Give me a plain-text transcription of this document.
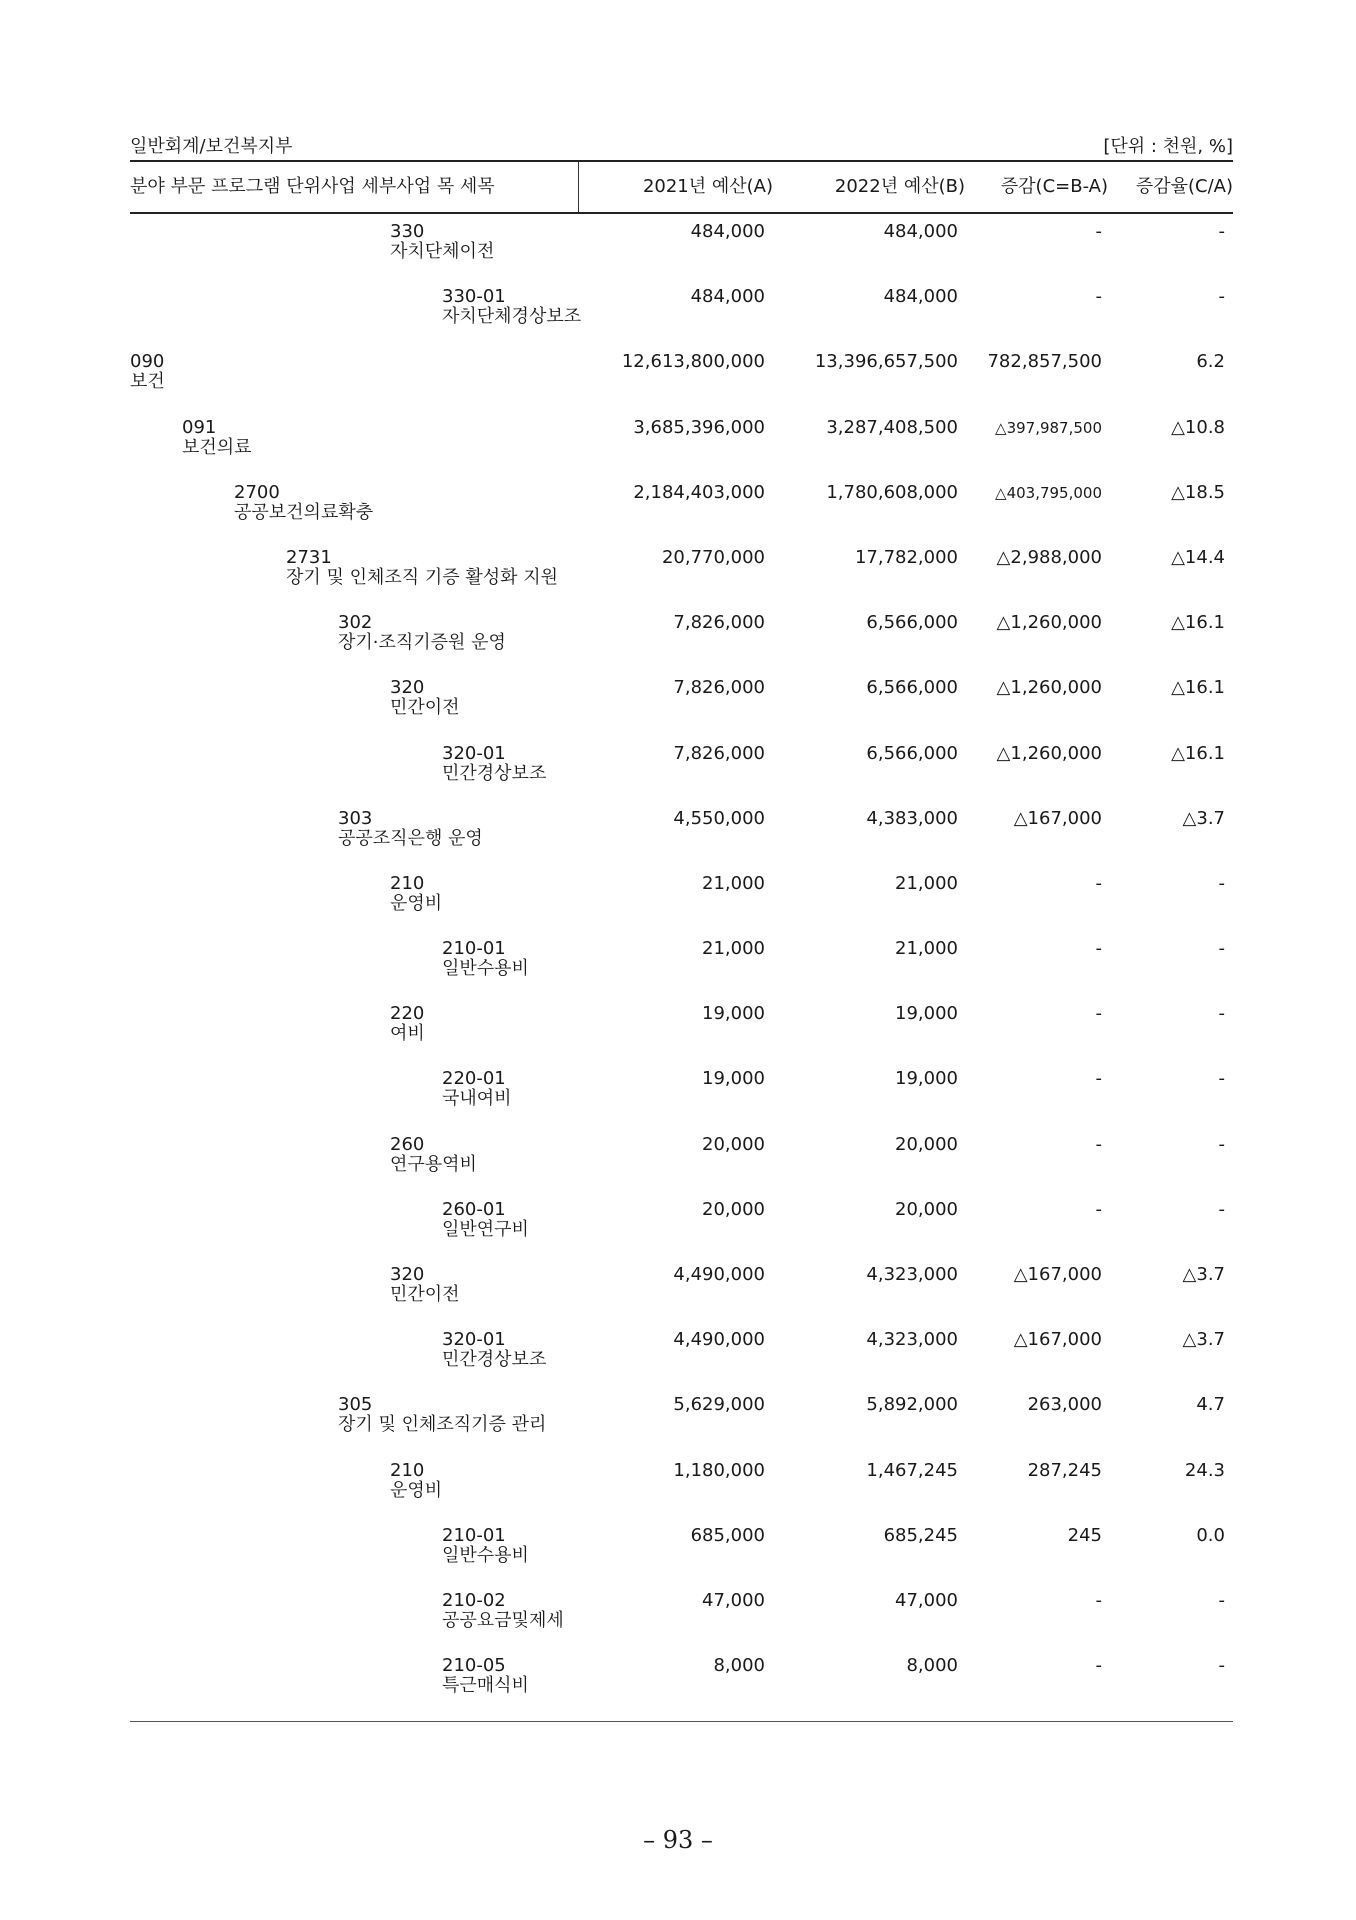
일반회계/보건복지부	[단위 : 천원, %]
분야 부문 프로그램 단위사업 세부사업 목 세목	2021년 예산(A)	2022년 예산(B) 증감(C=B-A) 증감율(C/A)
330
자치단체이전
484,000	484,000	-	-
330-01
자치단체경상보조
484,000	484,000	-	-
090
보건
12,613,800,000	13,396,657,500 782,857,500	6.2
091
보건의료
3,685,396,000	3,287,408,500 △397,987,500	△10.8
2700
공공보건의료확충
2,184,403,000	1,780,608,000 △403,795,000	△18.5
2731
장기 및 인체조직 기증 활성화 지원
20,770,000	17,782,000 △2,988,000	△14.4
302
장기·조직기증원 운영
7,826,000	6,566,000 △1,260,000	△16.1
320
민간이전
7,826,000	6,566,000 △1,260,000	△16.1
320-01
민간경상보조
7,826,000	6,566,000 △1,260,000	△16.1
303
공공조직은행 운영
4,550,000	4,383,000	△167,000	△3.7
210
운영비
21,000	21,000	-	-
210-01
일반수용비
21,000	21,000	-	-
220
여비
19,000	19,000	-	-
220-01
국내여비
19,000	19,000	-	-
260
연구용역비
20,000	20,000	-	-
260-01
일반연구비
20,000	20,000	-	-
320
민간이전
4,490,000	4,323,000	△167,000	△3.7
320-01
민간경상보조
4,490,000	4,323,000	△167,000	△3.7
305
장기 및 인체조직기증 관리
5,629,000	5,892,000	263,000	4.7
210
운영비
1,180,000	1,467,245	287,245	24.3
210-01
일반수용비
685,000	685,245	245	0.0
210-02
공공요금및제세
47,000	47,000	-	-
210-05
특근매식비
8,000	8,000	-	-
– 93 –
